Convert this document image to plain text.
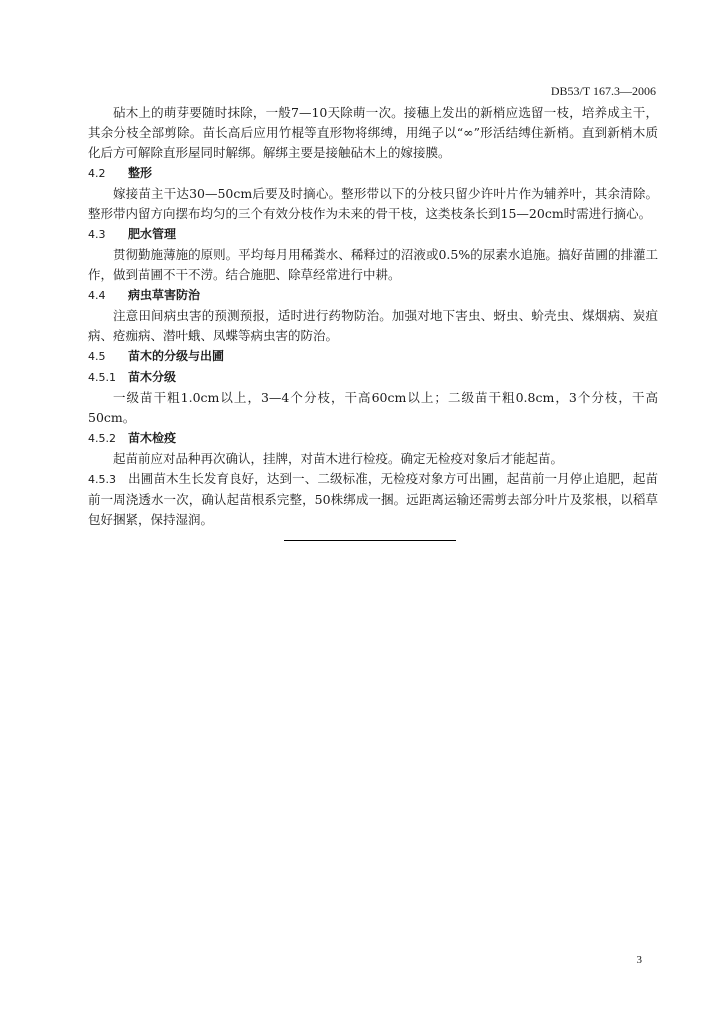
DB53/T 167.3—2006

砧木上的萌芽要随时抹除，一般7—10天除萌一次。接穗上发出的新梢应选留一枝，培养成主干，其余分枝全部剪除。苗长高后应用竹棍等直形物将绑缚，用绳子以“∞”形活结缚住新梢。直到新梢木质化后方可解除直形屋同时解绑。解绑主要是接触砧木上的嫁接膜。

4.2 整形

嫁接苗主干达30—50cm后要及时摘心。整形带以下的分枝只留少许叶片作为辅养叶，其余清除。整形带内留方向摆布均匀的三个有效分枝作为未来的骨干枝，这类枝条长到15—20cm时需进行摘心。

4.3 肥水管理

贯彻勤施薄施的原则。平均每月用稀粪水、稀释过的沼液或0.5%的尿素水追施。搞好苗圃的排灌工作，做到苗圃不干不涝。结合施肥、除草经常进行中耕。

4.4 病虫草害防治

注意田间病虫害的预测预报，适时进行药物防治。加强对地下害虫、蚜虫、蚧壳虫、煤烟病、炭疽病、疮痂病、潜叶蛾、凤蝶等病虫害的防治。

4.5 苗木的分级与出圃

4.5.1 苗木分级

一级苗干粗1.0cm以上，3—4个分枝，干高60cm以上；二级苗干粗0.8cm，3个分枝，干高50cm。

4.5.2 苗木检疫

起苗前应对品种再次确认，挂牌，对苗木进行检疫。确定无检疫对象后才能起苗。

4.5.3 出圃苗木生长发育良好，达到一、二级标准，无检疫对象方可出圃，起苗前一月停止追肥，起苗前一周浇透水一次，确认起苗根系完整，50株绑成一捆。远距离运输还需剪去部分叶片及浆根，以稻草包好捆紧，保持湿润。

3
